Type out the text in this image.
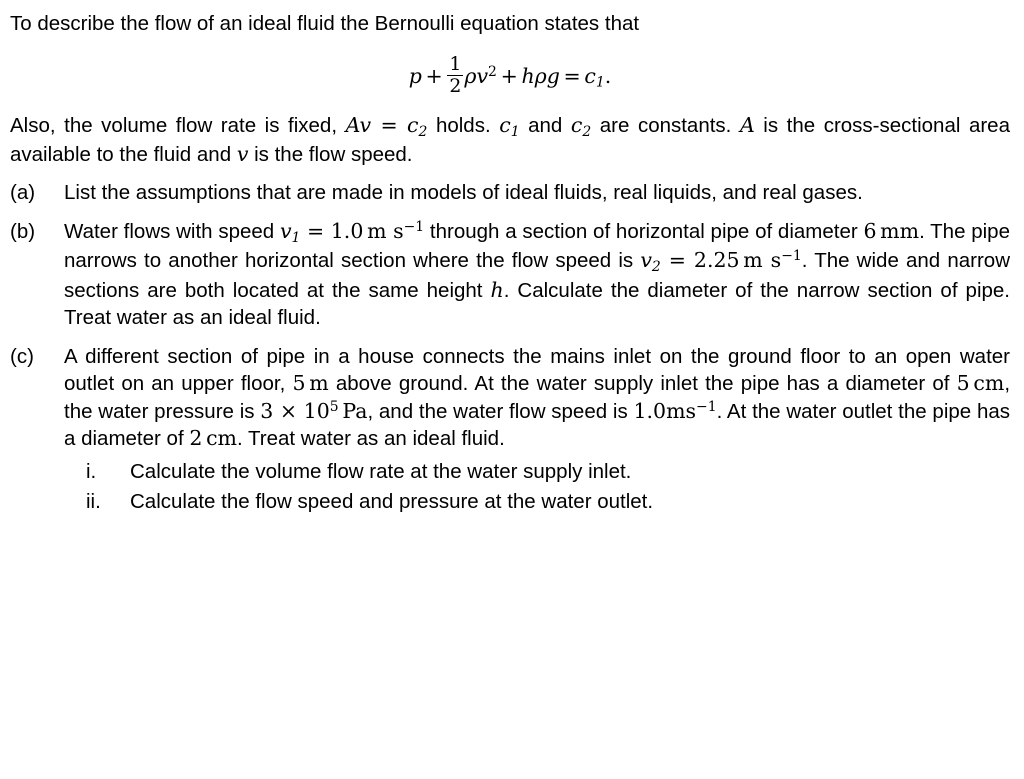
To describe the flow of an ideal fluid the Bernoulli equation states that

$p + \frac{1}{2} \rho v^2 + h\rho g = c_1$.

Also, the volume flow rate is fixed, $Av = c_2$ holds. $c_1$ and $c_2$ are constants. A is the cross-sectional area available to the fluid and v is the flow speed.

(a)	List the assumptions that are made in models of ideal fluids, real liquids, and real gases.
(b)	Water flows with speed $v_1 = 1.0$ m $s^{-1}$ through a section of horizontal pipe of diameter 6 mm. The pipe narrows to another horizontal section where the flow speed is $v_2 = 2.25$ m $s^{-1}$. The wide and narrow sections are both located at the same height h. Calculate the diameter of the narrow section of pipe. Treat water as an ideal fluid.
(c)	A different section of pipe in a house connects the mains inlet on the ground floor to an open water outlet on an upper floor, 5 m above ground. At the water supply inlet the pipe has a diameter of 5 cm, the water pressure is $3 \times 10^5$ Pa, and the water flow speed is $1.0ms^{-1}$. At the water outlet the pipe has a diameter of 2 cm. Treat water as an ideal fluid.
i.	Calculate the volume flow rate at the water supply inlet.
ii.	Calculate the flow speed and pressure at the water outlet.
